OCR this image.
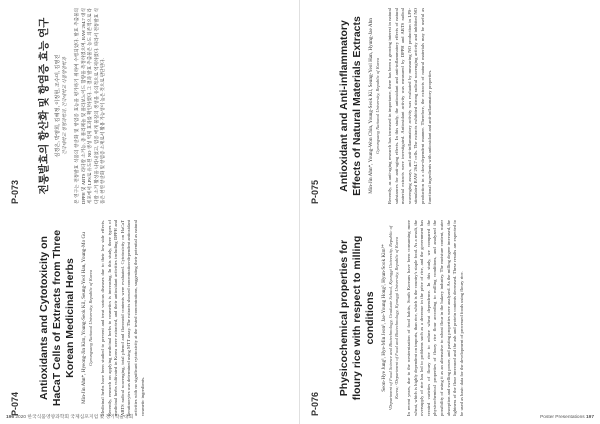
P-073 전통발효의 항산화 및 항염증 효능 연구 심경은, 박영희, 김혜정, 이정현, 조수미, 김영진 건국대학교 생명과학과, 건국대학교 식품영양학과 본 연구는 전통발효 식품의 항산화 및 항염증 효능을 평가하기 위하여 수행되었다. 발효 추출물의 DPPH 및 ABTS 라디칼 소거능, 총 폴리페놀 및 플라보노이드 함량을 측정하였으며, RAW 264.7 대식세포에서 LPS로 유도된 NO 생성 억제 효과를 확인하였다. 그 결과 발효 추출물은 농도 의존적으로 라디칼 소거 활성을 나타내었고, 염증 매개 물질의 생성을 유의적으로 억제하였다. 따라서 전통발효 식품은 천연 항산화 및 항염증 소재로서 활용 가능성이 높은 것으로 판단된다.
P-074
Antioxidants and Cytotoxicity on HaCaT Cells of Extracts from Three Korean Medicinal Herbs Min-Jin Ahn*, Hyeong-Jin Kim, Young-Seok Kil, Seung-Yeol Han, Young-Mo Gu Gyeongsang National University, Republic of Korea Medicinal herbs have been studied to prevent and treat various diseases due to their low side effects. Recently, research on applying medicinal herbs to cosmetics is increasing. In this study, three types of medicinal herbs cultivated in Korea were extracted, and their antioxidant activities including DPPH and ABTS radical scavenging, total phenol and flavonoid contents were evaluated. Cytotoxicity on HaCaT keratinocytes was determined using MTT assay. The extracts showed concentration-dependent antioxidant activities with no significant cytotoxicity at the tested concentrations, suggesting their potential as natural cosmetic ingredients.
196 2020 한국식품영양과학회 국제심포지엄 및 정기학술대회
P-075
Antioxidant and Anti-inflammatory Effects of Natural Materials Extracts Min-Jin Ahn*, Young-Won Chin, Young-Seok Kil, Seung-Yeol Han, Hyung-Jae Ahn Gyeongsang National University, Republic of Korea Recently, as anti-aging research has increased in importance, there has been a growing interest in natural substances for anti-aging effects. In this study, the antioxidant and anti-inflammatory effects of natural material extracts were investigated. Antioxidant activity was measured by DPPH and ABTS radical scavenging assays, and anti-inflammatory activity was evaluated by measuring NO production in LPS-stimulated RAW 264.7 cells. The extracts exhibited strong radical scavenging activity and inhibited NO production in a dose-dependent manner. Therefore, the extracts of natural materials may be useful as functional ingredients with antioxidant and anti-inflammatory properties.
P-076
Physicochemical properties for floury rice with respect to milling conditions Seon-Hye Jung¹, Hye-Min Jeon¹, Jae-Young Hong², Hyun-Sook Kim¹* ¹Department of Food Science and Biotechnology, Graduate School, Kyonggi University, Republic of Korea; ²Department of Food and Biotechnology, Kyonggi University, Republic of Korea In recent years, due to the westernization of food habits, South Koreans have been consuming more wheat, which is highly dependent on imports, than rice, which is the country's staple food. As a result, the oversupply of rice has led to problems such as a decrease in the price of rice, and the government has created varieties of floury rice to reduce wheat dependence. In this study, we compared the physicochemical properties of floury rice flour according to milling conditions, and analyzed the possibility of using it as an alternative to wheat flour in the bakery industry. The moisture content, water absorption and swelling power, and pasting properties were analyzed. As the milling degree increased, the lightness of the flour increased and the ash and protein contents decreased. These results are expected to be used as basic data for the development of processed foods using floury rice.
Poster Presentations 197
